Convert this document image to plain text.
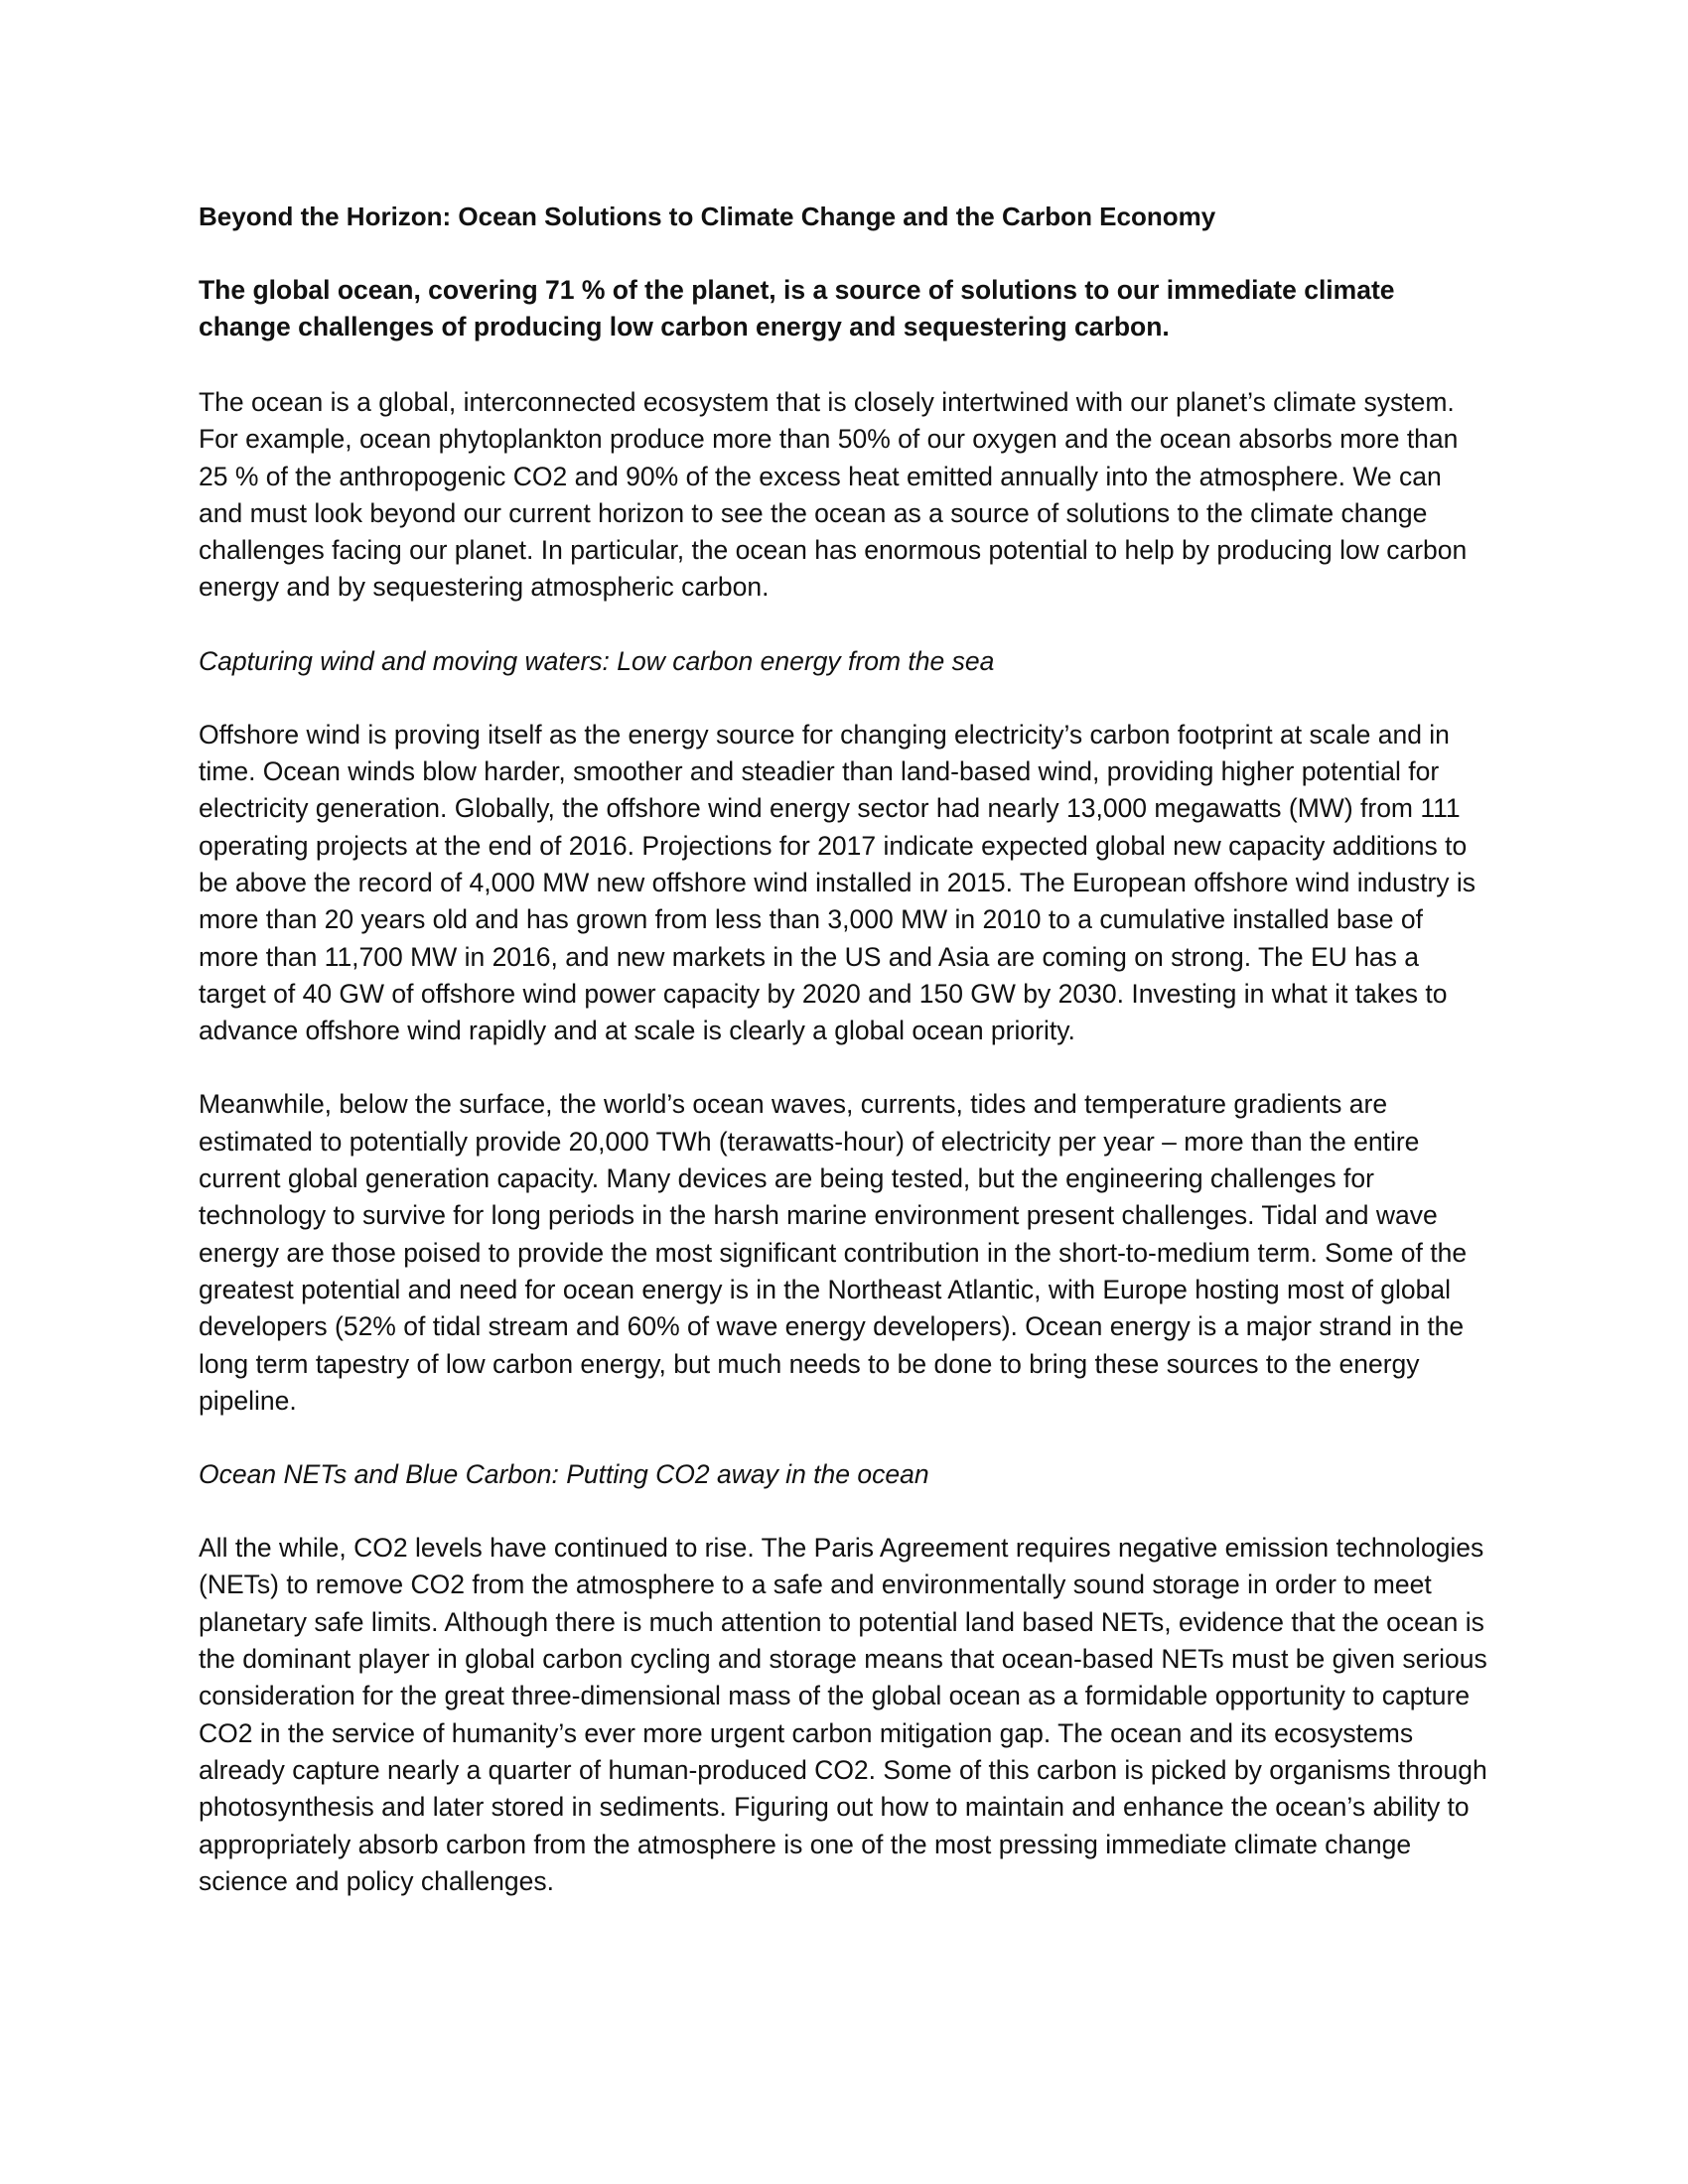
Beyond the Horizon: Ocean Solutions to Climate Change and the Carbon Economy
The global ocean, covering 71 % of the planet, is a source of solutions to our immediate climate change challenges of producing low carbon energy and sequestering carbon.
The ocean is a global, interconnected ecosystem that is closely intertwined with our planet’s climate system. For example, ocean phytoplankton produce more than 50% of our oxygen and the ocean absorbs more than 25 % of the anthropogenic CO2 and 90% of the excess heat emitted annually into the atmosphere. We can and must look beyond our current horizon to see the ocean as a source of solutions to the climate change challenges facing our planet. In particular, the ocean has enormous potential to help by producing low carbon energy and by sequestering atmospheric carbon.
Capturing wind and moving waters: Low carbon energy from the sea
Offshore wind is proving itself as the energy source for changing electricity’s carbon footprint at scale and in time. Ocean winds blow harder, smoother and steadier than land-based wind, providing higher potential for electricity generation. Globally, the offshore wind energy sector had nearly 13,000 megawatts (MW) from 111 operating projects at the end of 2016. Projections for 2017 indicate expected global new capacity additions to be above the record of 4,000 MW new offshore wind installed in 2015. The European offshore wind industry is more than 20 years old and has grown from less than 3,000 MW in 2010 to a cumulative installed base of more than 11,700 MW in 2016, and new markets in the US and Asia are coming on strong. The EU has a target of 40 GW of offshore wind power capacity by 2020 and 150 GW by 2030. Investing in what it takes to advance offshore wind rapidly and at scale is clearly a global ocean priority.
Meanwhile, below the surface, the world’s ocean waves, currents, tides and temperature gradients are estimated to potentially provide 20,000 TWh (terawatts-hour) of electricity per year – more than the entire current global generation capacity. Many devices are being tested, but the engineering challenges for technology to survive for long periods in the harsh marine environment present challenges. Tidal and wave energy are those poised to provide the most significant contribution in the short-to-medium term. Some of the greatest potential and need for ocean energy is in the Northeast Atlantic, with Europe hosting most of global developers (52% of tidal stream and 60% of wave energy developers). Ocean energy is a major strand in the long term tapestry of low carbon energy, but much needs to be done to bring these sources to the energy pipeline.
Ocean NETs and Blue Carbon: Putting CO2 away in the ocean
All the while, CO2 levels have continued to rise. The Paris Agreement requires negative emission technologies (NETs) to remove CO2 from the atmosphere to a safe and environmentally sound storage in order to meet planetary safe limits. Although there is much attention to potential land based NETs, evidence that the ocean is the dominant player in global carbon cycling and storage means that ocean-based NETs must be given serious consideration for the great three-dimensional mass of the global ocean as a formidable opportunity to capture CO2 in the service of humanity’s ever more urgent carbon mitigation gap. The ocean and its ecosystems already capture nearly a quarter of human-produced CO2. Some of this carbon is picked by organisms through photosynthesis and later stored in sediments. Figuring out how to maintain and enhance the ocean’s ability to appropriately absorb carbon from the atmosphere is one of the most pressing immediate climate change science and policy challenges.
